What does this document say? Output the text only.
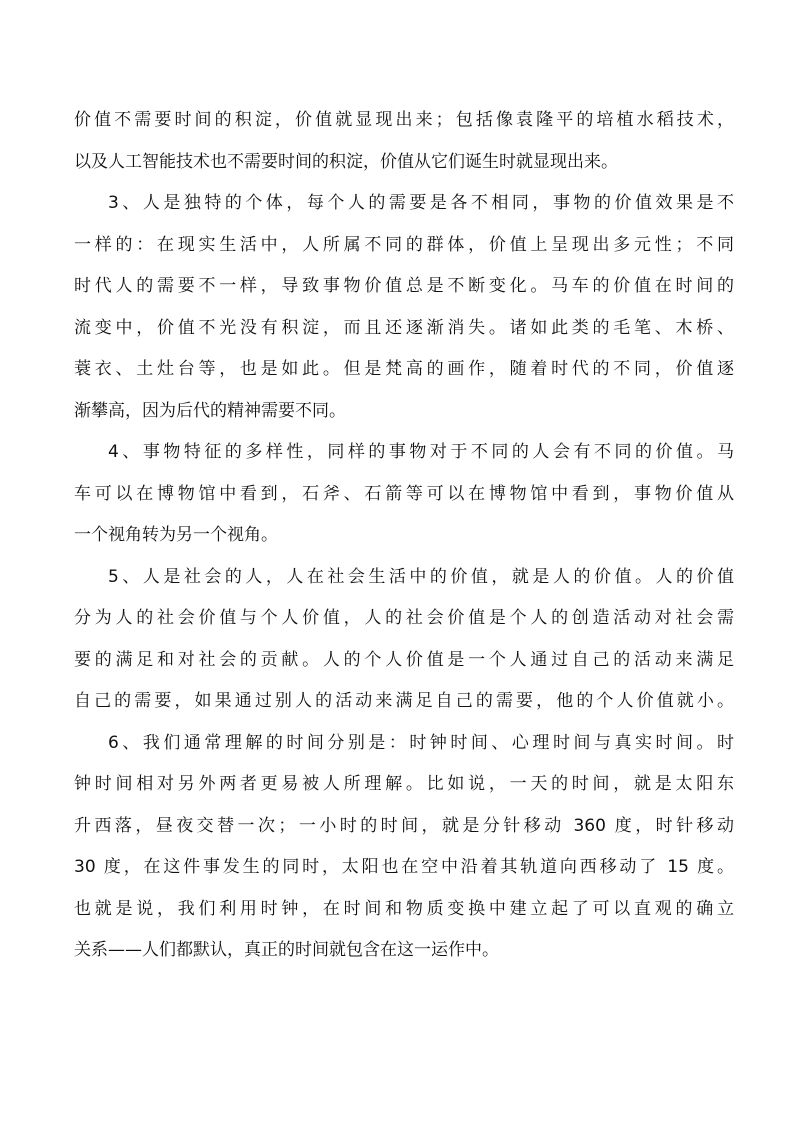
价值不需要时间的积淀，价值就显现出来；包括像袁隆平的培植水稻技术，
以及人工智能技术也不需要时间的积淀，价值从它们诞生时就显现出来。
3、人是独特的个体，每个人的需要是各不相同，事物的价值效果是不
一样的：在现实生活中，人所属不同的群体，价值上呈现出多元性；不同
时代人的需要不一样，导致事物价值总是不断变化。马车的价值在时间的
流变中，价值不光没有积淀，而且还逐渐消失。诸如此类的毛笔、木桥、
蓑衣、土灶台等，也是如此。但是梵高的画作，随着时代的不同，价值逐
渐攀高，因为后代的精神需要不同。
4、事物特征的多样性，同样的事物对于不同的人会有不同的价值。马
车可以在博物馆中看到，石斧、石箭等可以在博物馆中看到，事物价值从
一个视角转为另一个视角。
5、人是社会的人，人在社会生活中的价值，就是人的价值。人的价值
分为人的社会价值与个人价值，人的社会价值是个人的创造活动对社会需
要的满足和对社会的贡献。人的个人价值是一个人通过自己的活动来满足
自己的需要，如果通过别人的活动来满足自己的需要，他的个人价值就小。
6、我们通常理解的时间分别是：时钟时间、心理时间与真实时间。时
钟时间相对另外两者更易被人所理解。比如说，一天的时间，就是太阳东
升西落，昼夜交替一次；一小时的时间，就是分针移动 360 度，时针移动
30 度，在这件事发生的同时，太阳也在空中沿着其轨道向西移动了 15 度。
也就是说，我们利用时钟，在时间和物质变换中建立起了可以直观的确立
关系——人们都默认，真正的时间就包含在这一运作中。
